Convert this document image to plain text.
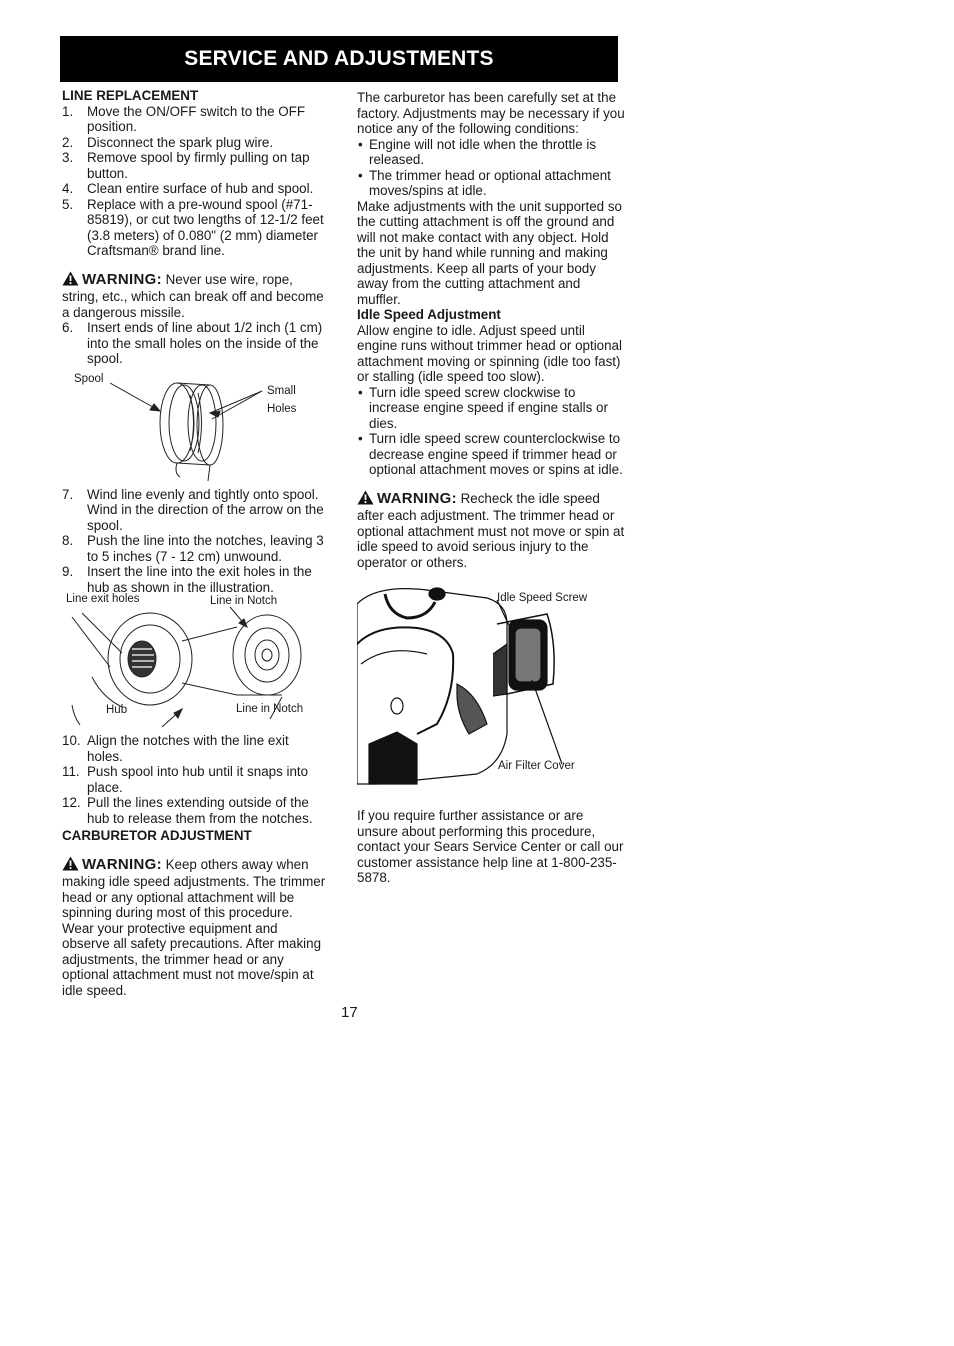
SERVICE AND ADJUSTMENTS
LINE REPLACEMENT
1. Move the ON/OFF switch to the OFF position.
2. Disconnect the spark plug wire.
3. Remove spool by firmly pulling on tap button.
4. Clean entire surface of hub and spool.
5. Replace with a pre-wound spool (#71-85819), or cut two lengths of 12-1/2 feet (3.8 meters) of 0.080" (2 mm) diameter Craftsman® brand line.

WARNING: Never use wire, rope, string, etc., which can break off and become a dangerous missile.

6. Insert ends of line about 1/2 inch (1 cm) into the small holes on the inside of the spool.
Spool
Small
Holes
7. Wind line evenly and tightly onto spool. Wind in the direction of the arrow on the spool.
8. Push the line into the notches, leaving 3 to 5 inches (7 - 12 cm) unwound.
9. Insert the line into the exit holes in the hub as shown in the illustration.
Line exit holes	Line in Notch
Hub	Line in Notch
10. Align the notches with the line exit holes.
11. Push spool into hub until it snaps into place.
12. Pull the lines extending outside of the hub to release them from the notches.
CARBURETOR ADJUSTMENT

WARNING: Keep others away when making idle speed adjustments. The trimmer head or any optional attachment will be spinning during most of this procedure. Wear your protective equipment and observe all safety precautions. After making adjustments, the trimmer head or any optional attachment must not move/spin at idle speed.

The carburetor has been carefully set at the factory. Adjustments may be necessary if you notice any of the following conditions:

• Engine will not idle when the throttle is released.
• The trimmer head or optional attachment moves/spins at idle.

Make adjustments with the unit supported so the cutting attachment is off the ground and will not make contact with any object. Hold the unit by hand while running and making adjustments. Keep all parts of your body away from the cutting attachment and muffler.

Idle Speed Adjustment

Allow engine to idle. Adjust speed until engine runs without trimmer head or optional attachment moving or spinning (idle too fast) or stalling (idle speed too slow).

• Turn idle speed screw clockwise to increase engine speed if engine stalls or dies.
• Turn idle speed screw counterclockwise to decrease engine speed if trimmer head or optional attachment moves or spins at idle.

WARNING: Recheck the idle speed after each adjustment. The trimmer head or optional attachment must not move or spin at idle speed to avoid serious injury to the operator or others.

Idle Speed Screw
Air Filter Cover

If you require further assistance or are unsure about performing this procedure, contact your Sears Service Center or call our customer assistance help line at 1-800-235-5878.

17
